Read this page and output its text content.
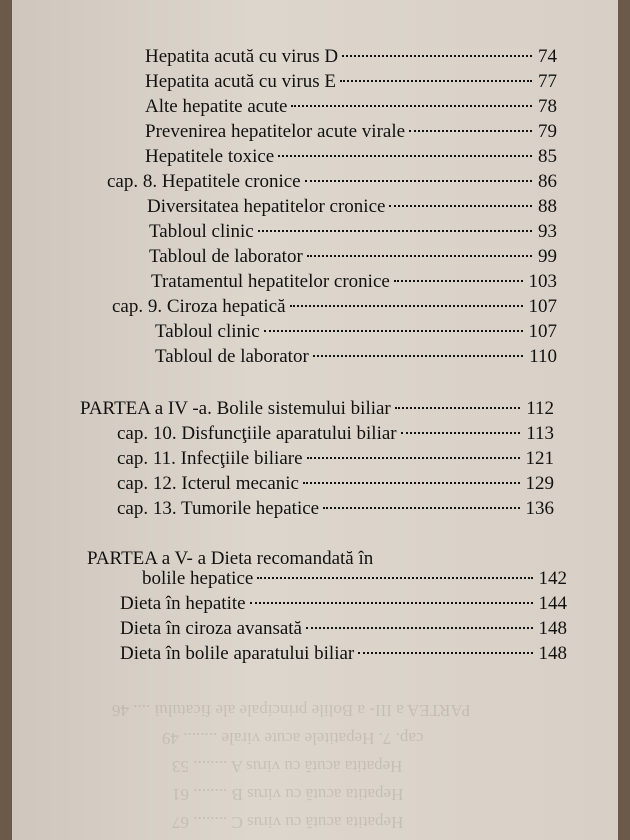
PARTEA a III- a Bolile principale ale ficatului .... 46
cap. 7. Hepatitele acute virale ........ 49
Hepatita acută cu virus A ........ 53
Hepatita acută cu virus B ........ 61
Hepatita acută cu virus C ........ 67
Hepatita acută cu virus D	74
Hepatita acută cu virus E	77
Alte hepatite acute	78
Prevenirea hepatitelor acute virale	79
Hepatitele toxice	85
cap. 8. Hepatitele cronice	86
Diversitatea hepatitelor cronice	88
Tabloul clinic	93
Tabloul de laborator	99
Tratamentul hepatitelor cronice	103
cap. 9. Ciroza hepatică	107
Tabloul clinic	107
Tabloul de laborator	110
PARTEA a IV -a. Bolile sistemului biliar	112
cap. 10. Disfuncţiile aparatului biliar	113
cap. 11. Infecţiile biliare	121
cap. 12. Icterul mecanic	129
cap. 13. Tumorile hepatice	136
PARTEA a V- a Dieta recomandată în
bolile hepatice	142
Dieta în hepatite	144
Dieta în ciroza avansată	148
Dieta în bolile aparatului biliar	148
